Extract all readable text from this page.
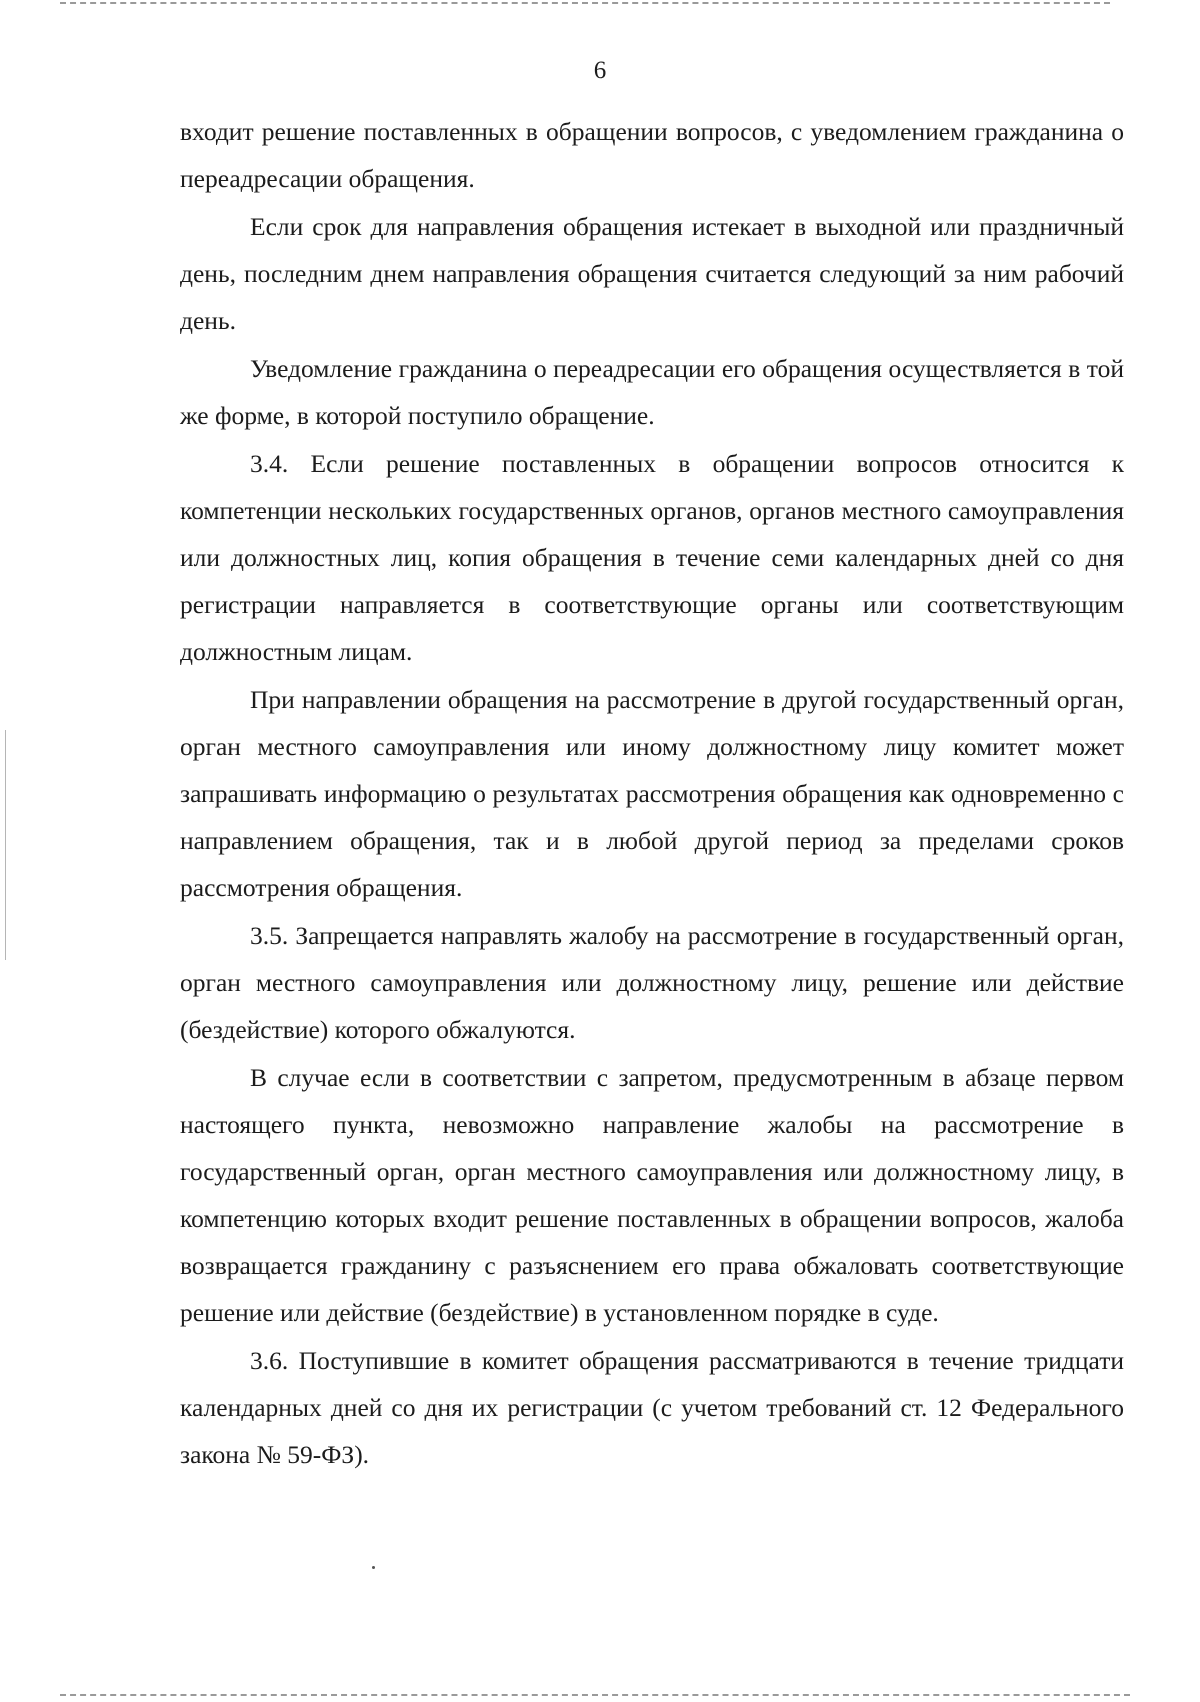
6

входит решение поставленных в обращении вопросов, с уведомлением гражданина о переадресации обращения.

Если срок для направления обращения истекает в выходной или праздничный день, последним днем направления обращения считается следующий за ним рабочий день.

Уведомление гражданина о переадресации его обращения осуществляется в той же форме, в которой поступило обращение.

3.4. Если решение поставленных в обращении вопросов относится к компетенции нескольких государственных органов, органов местного самоуправления или должностных лиц, копия обращения в течение семи календарных дней со дня регистрации направляется в соответствующие органы или соответствующим должностным лицам.

При направлении обращения на рассмотрение в другой государственный орган, орган местного самоуправления или иному должностному лицу комитет может запрашивать информацию о результатах рассмотрения обращения как одновременно с направлением обращения, так и в любой другой период за пределами сроков рассмотрения обращения.

3.5. Запрещается направлять жалобу на рассмотрение в государственный орган, орган местного самоуправления или должностному лицу, решение или действие (бездействие) которого обжалуются.

В случае если в соответствии с запретом, предусмотренным в абзаце первом настоящего пункта, невозможно направление жалобы на рассмотрение в государственный орган, орган местного самоуправления или должностному лицу, в компетенцию которых входит решение поставленных в обращении вопросов, жалоба возвращается гражданину с разъяснением его права обжаловать соответствующие решение или действие (бездействие) в установленном порядке в суде.

3.6. Поступившие в комитет обращения рассматриваются в течение тридцати календарных дней со дня их регистрации (с учетом требований ст. 12 Федерального закона № 59-ФЗ).
